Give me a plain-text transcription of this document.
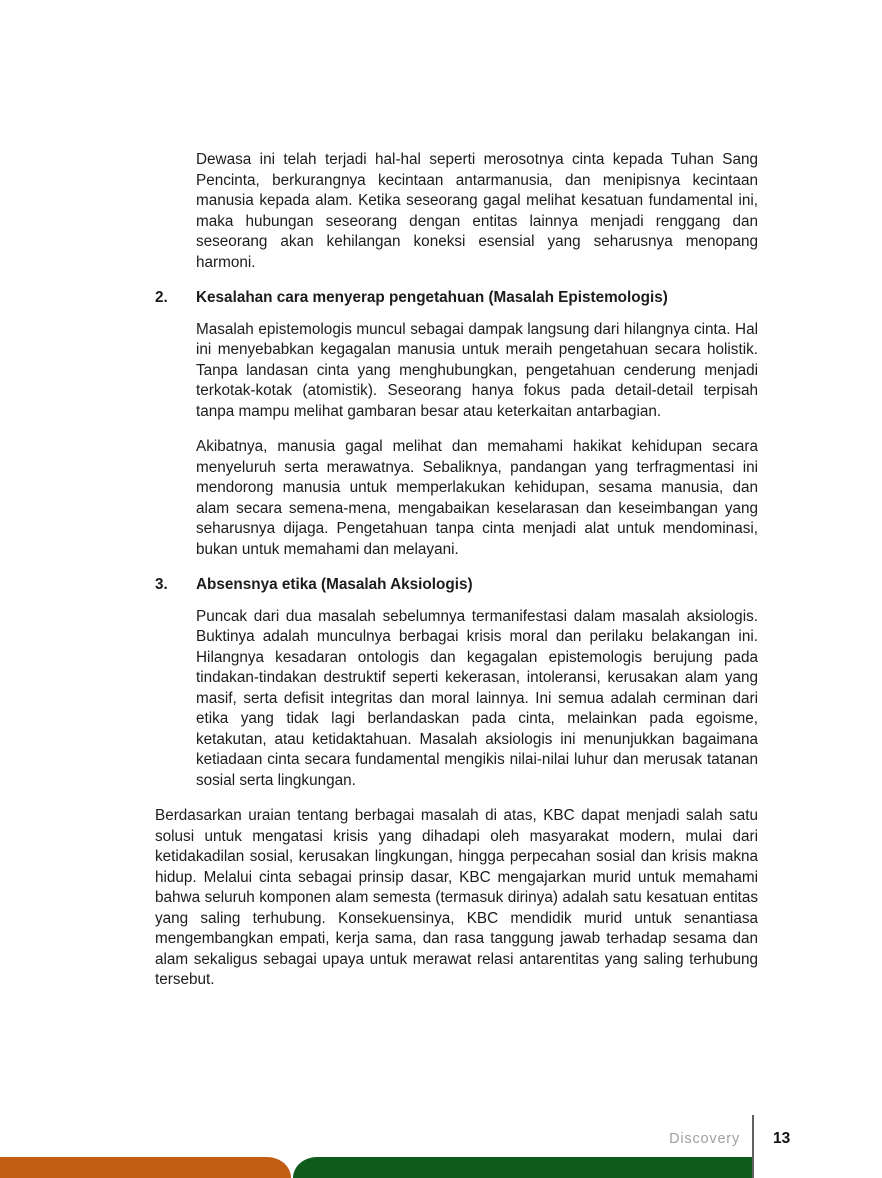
Dewasa ini telah terjadi hal-hal seperti merosotnya cinta kepada Tuhan Sang Pencinta, berkurangnya kecintaan antarmanusia, dan menipisnya kecintaan manusia kepada alam. Ketika seseorang gagal melihat kesatuan fundamental ini, maka hubungan seseorang dengan entitas lainnya menjadi renggang dan seseorang akan kehilangan koneksi esensial yang seharusnya menopang harmoni.

2.	Kesalahan cara menyerap pengetahuan (Masalah Epistemologis)

Masalah epistemologis muncul sebagai dampak langsung dari hilangnya cinta. Hal ini menyebabkan kegagalan manusia untuk meraih pengetahuan secara holistik. Tanpa landasan cinta yang menghubungkan, pengetahuan cenderung menjadi terkotak-kotak (atomistik). Seseorang hanya fokus pada detail-detail terpisah tanpa mampu melihat gambaran besar atau keterkaitan antarbagian.

Akibatnya, manusia gagal melihat dan memahami hakikat kehidupan secara menyeluruh serta merawatnya. Sebaliknya, pandangan yang terfragmentasi ini mendorong manusia untuk memperlakukan kehidupan, sesama manusia, dan alam secara semena-mena, mengabaikan keselarasan dan keseimbangan yang seharusnya dijaga. Pengetahuan tanpa cinta menjadi alat untuk mendominasi, bukan untuk memahami dan melayani.

3.	Absensnya etika (Masalah Aksiologis)

Puncak dari dua masalah sebelumnya termanifestasi dalam masalah aksiologis. Buktinya adalah munculnya berbagai krisis moral dan perilaku belakangan ini. Hilangnya kesadaran ontologis dan kegagalan epistemologis berujung pada tindakan-tindakan destruktif seperti kekerasan, intoleransi, kerusakan alam yang masif, serta defisit integritas dan moral lainnya. Ini semua adalah cerminan dari etika yang tidak lagi berlandaskan pada cinta, melainkan pada egoisme, ketakutan, atau ketidaktahuan. Masalah aksiologis ini menunjukkan bagaimana ketiadaan cinta secara fundamental mengikis nilai-nilai luhur dan merusak tatanan sosial serta lingkungan.

Berdasarkan uraian tentang berbagai masalah di atas, KBC dapat menjadi salah satu solusi untuk mengatasi krisis yang dihadapi oleh masyarakat modern, mulai dari ketidakadilan sosial, kerusakan lingkungan, hingga perpecahan sosial dan krisis makna hidup. Melalui cinta sebagai prinsip dasar, KBC mengajarkan murid untuk memahami bahwa seluruh komponen alam semesta (termasuk dirinya) adalah satu kesatuan entitas yang saling terhubung. Konsekuensinya, KBC mendidik murid untuk senantiasa mengembangkan empati, kerja sama, dan rasa tanggung jawab terhadap sesama dan alam sekaligus sebagai upaya untuk merawat relasi antarentitas yang saling terhubung tersebut.

Discovery 13
